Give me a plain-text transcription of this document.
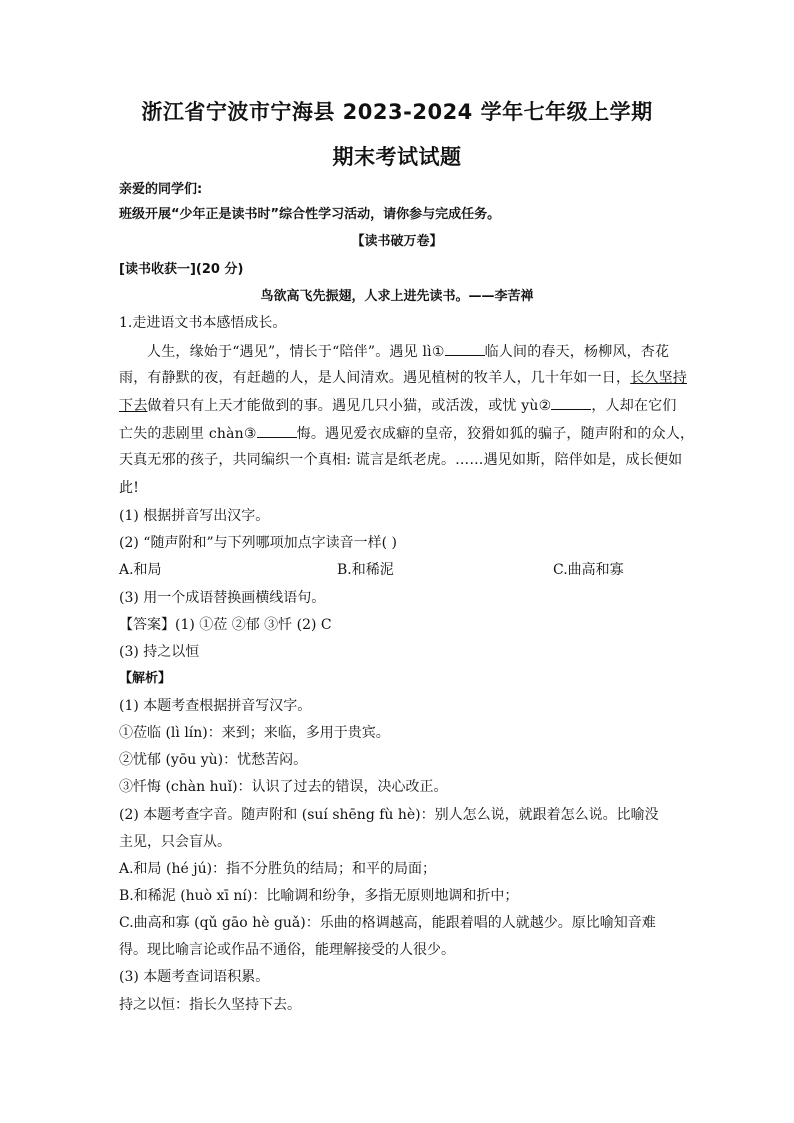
浙江省宁波市宁海县 2023-2024 学年七年级上学期
期末考试试题
亲爱的同学们:
班级开展“少年正是读书时”综合性学习活动，请你参与完成任务。
【读书破万卷】
[读书收获一](20 分)
鸟欲高飞先振翅，人求上进先读书。——李苦禅
1.走进语文书本感悟成长。
人生，缘始于“遇见”，情长于“陪伴”。遇见 lì①	临人间的春天，杨柳风，杏花
雨，有静默的夜，有赶趟的人，是人间清欢。遇见植树的牧羊人，几十年如一日，长久坚持
下去做着只有上天才能做到的事。遇见几只小猫，或活泼，或忧 yù②	，人却在它们
亡失的悲剧里 chàn③	悔。遇见爱衣成癖的皇帝，狡猾如狐的骗子，随声附和的众人，
天真无邪的孩子，共同编织一个真相: 谎言是纸老虎。……遇见如斯，陪伴如是，成长便如
此!
(1) 根据拼音写出汉字。
(2) “随声附和”与下列哪项加点字读音一样( )
A.和局	B.和稀泥	C.曲高和寡
(3) 用一个成语替换画横线语句。
【答案】(1) ①莅 ②郁 ③忏 (2) C
(3) 持之以恒
【解析】
(1) 本题考查根据拼音写汉字。
①莅临 (lì lín)：来到；来临，多用于贵宾。
②忧郁 (yōu yù)：忧愁苦闷。
③忏悔 (chàn huǐ)：认识了过去的错误，决心改正。
(2) 本题考查字音。随声附和 (suí shēng fù hè)：别人怎么说，就跟着怎么说。比喻没
主见，只会盲从。
A.和局 (hé jú)：指不分胜负的结局；和平的局面；
B.和稀泥 (huò xī ní)：比喻调和纷争，多指无原则地调和折中；
C.曲高和寡 (qǔ gāo hè guǎ)：乐曲的格调越高，能跟着唱的人就越少。原比喻知音难
得。现比喻言论或作品不通俗，能理解接受的人很少。
(3) 本题考查词语积累。
持之以恒：指长久坚持下去。
